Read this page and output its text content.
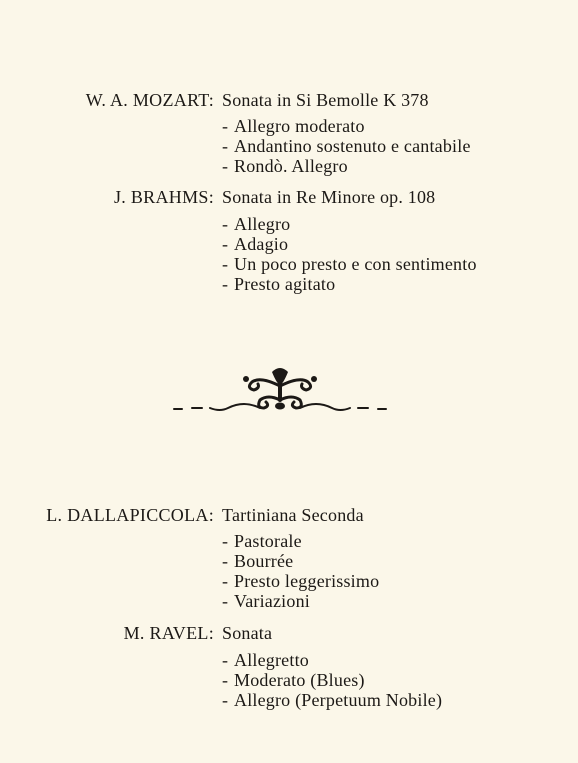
W. A. MOZART: Sonata in Si Bemolle K 378
- Allegro moderato
- Andantino sostenuto e cantabile
- Rondò. Allegro
J. BRAHMS: Sonata in Re Minore op. 108
- Allegro
- Adagio
- Un poco presto e con sentimento
- Presto agitato
L. DALLAPICCOLA: Tartiniana Seconda
- Pastorale
- Bourrée
- Presto leggerissimo
- Variazioni
M. RAVEL: Sonata
- Allegretto
- Moderato (Blues)
- Allegro (Perpetuum Nobile)
